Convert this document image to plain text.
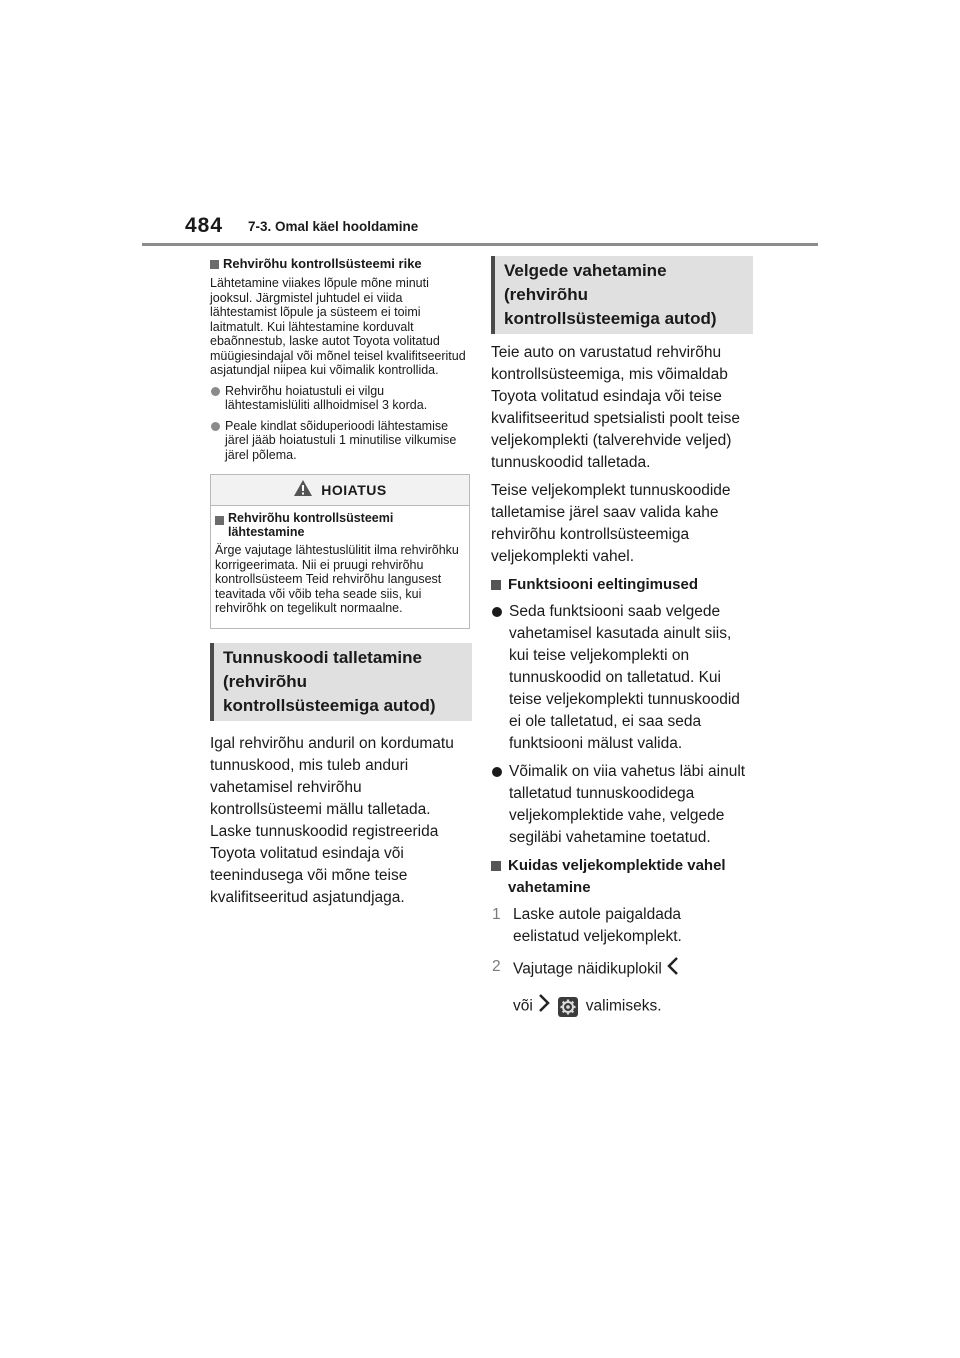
484 7-3. Omal käel hooldamine

Rehvirõhu kontrollsüsteemi rike

Lähtetamine viiakes lõpule mõne minuti jooksul. Järgmistel juhtudel ei viida lähtestamist lõpule ja süsteem ei toimi laitmatult. Kui lähtestamine korduvalt ebaõnnestub, laske autot Toyota volitatud müügiesindajal või mõnel teisel kvalifitseeritud asjatundjal niipea kui võimalik kontrollida.

Rehvirõhu hoiatustuli ei vilgu lähtestamislüliti allhoidmisel 3 korda.

Peale kindlat sõiduperioodi lähtestamise järel jääb hoiatustuli 1 minutilise vilkumise järel põlema.

HOIATUS

Rehvirõhu kontrollsüsteemi lähtestamine

Ärge vajutage lähtestuslülitit ilma rehvirõhku korrigeerimata. Nii ei pruugi rehvirõhu kontrollsüsteem Teid rehvirõhu langusest teavitada või võib teha seade siis, kui rehvirõhk on tegelikult normaalne.

Tunnuskoodi talletamine (rehvirõhu kontrollsüsteemiga autod)

Igal rehvirõhu anduril on kordumatu tunnuskood, mis tuleb anduri vahetamisel rehvirõhu kontrollsüsteemi mällu talletada. Laske tunnuskoodid registreerida Toyota volitatud esindaja või teenindusega või mõne teise kvalifitseeritud asjatundjaga.

Velgede vahetamine (rehvirõhu kontrollsüsteemiga autod)

Teie auto on varustatud rehvirõhu kontrollsüsteemiga, mis võimaldab Toyota volitatud esindaja või teise kvalifitseeritud spetsialisti poolt teise veljekomplekti (talverehvide veljed) tunnuskoodid talletada.

Teise veljekomplekt tunnuskoodide talletamise järel saav valida kahe rehvirõhu kontrollsüsteemiga veljekomplekti vahel.

Funktsiooni eeltingimused

Seda funktsiooni saab velgede vahetamisel kasutada ainult siis, kui teise veljekomplekti on tunnuskoodid on talletatud. Kui teise veljekomplekti tunnuskoodid ei ole talletatud, ei saa seda funktsiooni mälust valida.

Võimalik on viia vahetus läbi ainult talletatud tunnuskoodidega veljekomplektide vahe, velgede segiläbi vahetamine toetatud.

Kuidas veljekomplektide vahel vahetamine

1 Laske autole paigaldada eelistatud veljekomplekt.
2 Vajutage näidikuplokil
või	valimiseks.
